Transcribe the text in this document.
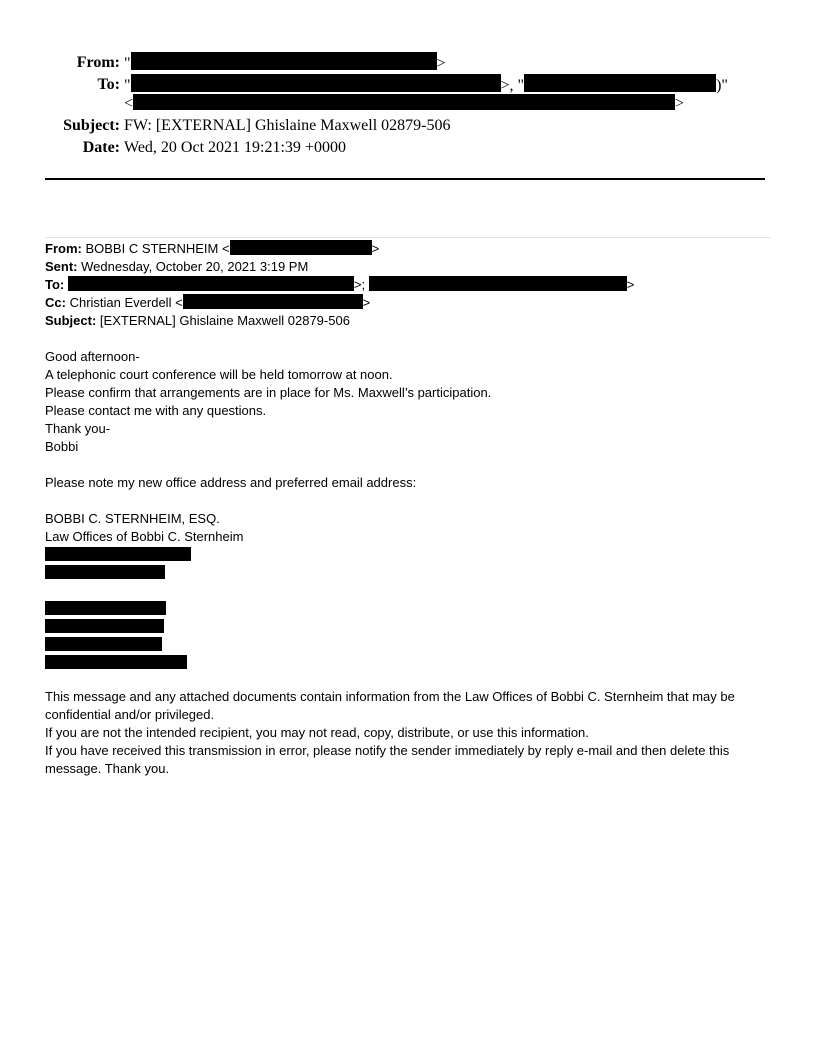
From: "	>
To: "	>, "	)"
<	>
Subject: FW: [EXTERNAL] Ghislaine Maxwell 02879-506
Date: Wed, 20 Oct 2021 19:21:39 +0000
From: BOBBI C STERNHEIM <	>
Sent: Wednesday, October 20, 2021 3:19 PM
To:	>;	>
Cc: Christian Everdell <	>
Subject: [EXTERNAL] Ghislaine Maxwell 02879-506
Good afternoon-
A telephonic court conference will be held tomorrow at noon.
Please confirm that arrangements are in place for Ms. Maxwell’s participation.
Please contact me with any questions.
Thank you-
Bobbi
Please note my new office address and preferred email address:
BOBBI C. STERNHEIM, ESQ.
Law Offices of Bobbi C. Sternheim
This message and any attached documents contain information from the Law Offices of Bobbi C. Sternheim that may be confidential and/or privileged.
If you are not the intended recipient, you may not read, copy, distribute, or use this information.
If you have received this transmission in error, please notify the sender immediately by reply e-mail and then delete this message. Thank you.
